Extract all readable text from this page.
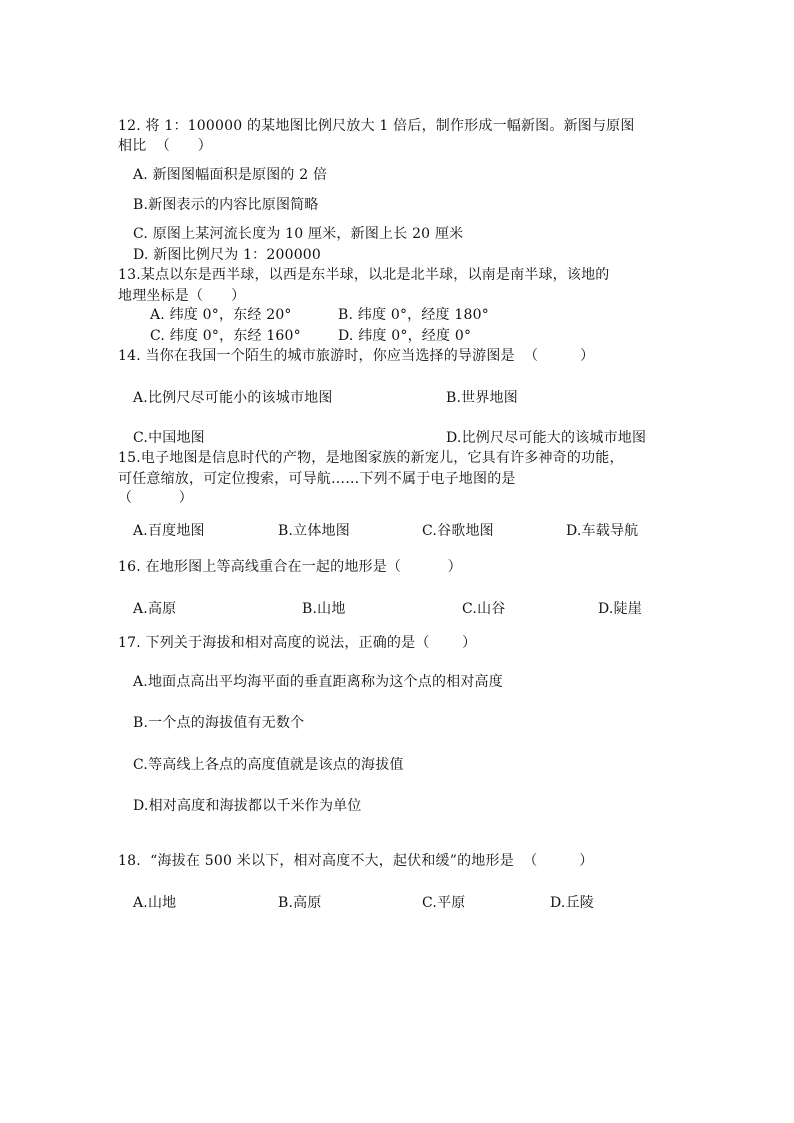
12. 将 1：100000 的某地图比例尺放大 1 倍后，制作形成一幅新图。新图与原图
相比  （      ）
A. 新图图幅面积是原图的 2 倍
B.新图表示的内容比原图简略
C. 原图上某河流长度为 10 厘米，新图上长 20 厘米
D. 新图比例尺为 1：200000
13.某点以东是西半球，以西是东半球，以北是北半球，以南是南半球，该地的
地理坐标是（      ）
A. 纬度 0°，东经 20°	B. 纬度 0°，经度 180°
C. 纬度 0°，东经 160°	D. 纬度 0°，经度 0°
14. 当你在我国一个陌生的城市旅游时，你应当选择的导游图是  （         ）
A.比例尺尽可能小的该城市地图	B.世界地图
C.中国地图	D.比例尺尽可能大的该城市地图
15.电子地图是信息时代的产物，是地图家族的新宠儿，它具有许多神奇的功能，
可任意缩放，可定位搜索，可导航……下列不属于电子地图的是
（          ）
A.百度地图	B.立体地图	C.谷歌地图	D.车载导航
16. 在地形图上等高线重合在一起的地形是（          ）
A.高原	B.山地	C.山谷	D.陡崖
17. 下列关于海拔和相对高度的说法，正确的是（       ）
A.地面点高出平均海平面的垂直距离称为这个点的相对高度
B.一个点的海拔值有无数个
C.等高线上各点的高度值就是该点的海拔值
D.相对高度和海拔都以千米作为单位
18.  “海拔在 500 米以下，相对高度不大，起伏和缓”的地形是  （         ）
A.山地	B.高原	C.平原	D.丘陵
